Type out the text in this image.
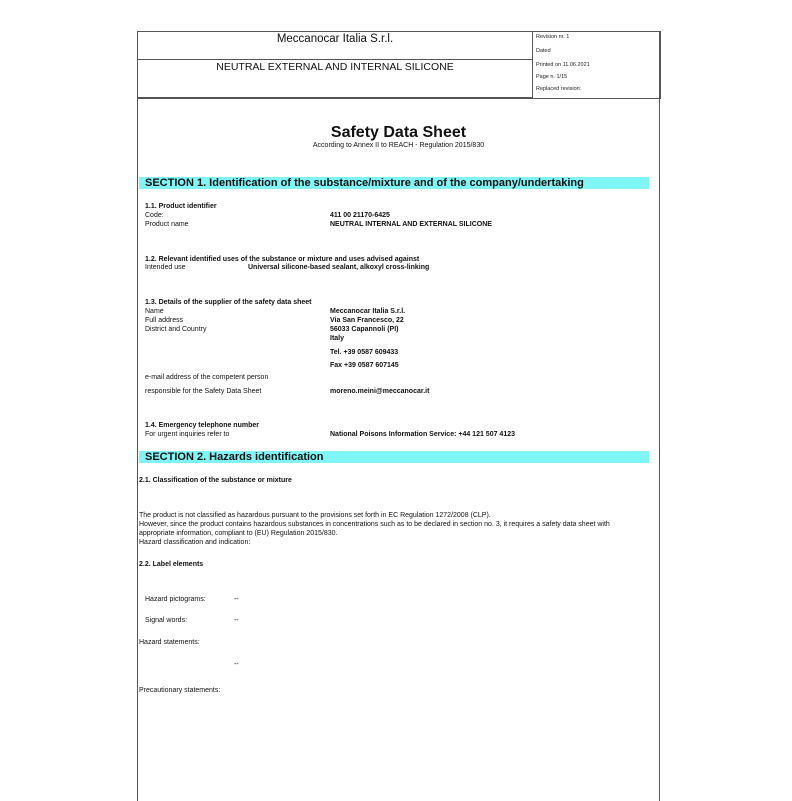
Meccanocar Italia S.r.l.
NEUTRAL EXTERNAL AND INTERNAL SILICONE
Revision nr. 1
Dated
Printed on 11.06.2021
Page n. 1/15
Replaced revision:
Safety Data Sheet
According to Annex II to REACH - Regulation 2015/830
SECTION 1. Identification of the substance/mixture and of the company/undertaking
1.1. Product identifier
Code:	411 00 21170-6425
Product name	NEUTRAL INTERNAL AND EXTERNAL SILICONE
1.2. Relevant identified uses of the substance or mixture and uses advised against
Intended use	Universal silicone-based sealant, alkoxyl cross-linking
1.3. Details of the supplier of the safety data sheet
Name	Meccanocar Italia S.r.l.
Full address	Via San Francesco, 22
District and Country	56033 Capannoli (PI)
Italy
Tel. +39 0587 609433
Fax +39 0587 607145
e-mail address of the competent person
responsible for the Safety Data Sheet	moreno.meini@meccanocar.it
1.4. Emergency telephone number
For urgent inquiries refer to	National Poisons Information Service: +44 121 507 4123
SECTION 2. Hazards identification
2.1. Classification of the substance or mixture
The product is not classified as hazardous pursuant to the provisions set forth in EC Regulation 1272/2008 (CLP).
However, since the product contains hazardous substances in concentrations such as to be declared in section no. 3, it requires a safety data sheet with
appropriate information, compliant to (EU) Regulation 2015/830.
Hazard classification and indication:
2.2. Label elements
Hazard pictograms:	--
Signal words:	--
Hazard statements:
--
Precautionary statements:
